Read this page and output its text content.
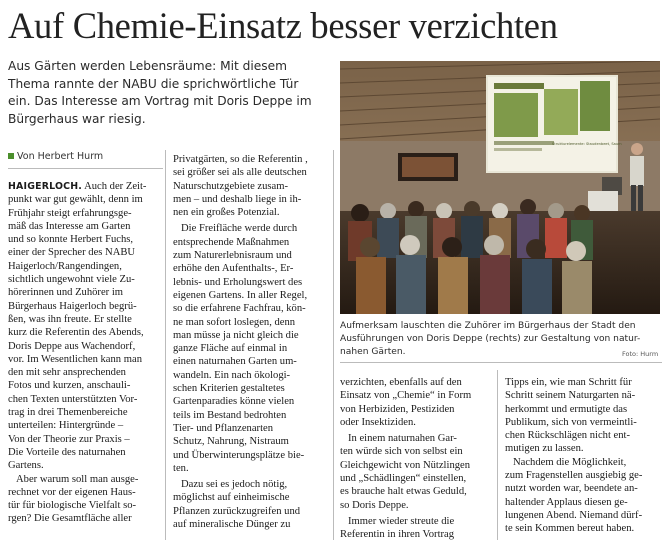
Auf Chemie-Einsatz besser verzichten
Aus Gärten werden Lebensräume: Mit diesem
Thema rannte der NABU die sprichwörtliche Tür
ein. Das Interesse am Vortrag mit Doris Deppe im
Bürgerhaus war riesig.
Von Herbert Hurm
HAIGERLOCH. Auch der Zeit-
punkt war gut gewählt, denn im
Frühjahr steigt erfahrungsge-
mäß das Interesse am Garten
und so konnte Herbert Fuchs,
einer der Sprecher des NABU
Haigerloch/Rangendingen,
sichtlich ungewohnt viele Zu-
hörerinnen und Zuhörer im
Bürgerhaus Haigerloch begrü-
ßen, was ihn freute. Er stellte
kurz die Referentin des Abends,
Doris Deppe aus Wachendorf,
vor. Im Wesentlichen kann man
den mit sehr ansprechenden
Fotos und kurzen, anschauli-
chen Texten unterstützten Vor-
trag in drei Themenbereiche
unterteilen: Hintergründe –
Von der Theorie zur Praxis –
Die Vorteile des naturnahen
Gartens.
Aber warum soll man ausge-
rechnet vor der eigenen Haus-
tür für biologische Vielfalt so-
rgen? Die Gesamtfläche aller
Privatgärten, so die Referentin ,
sei größer sei als alle deutschen
Naturschutzgebiete zusam-
men – und deshalb liege in ih-
nen ein großes Potenzial.
Die Freifläche werde durch
entsprechende Maßnahmen
zum Naturerlebnisraum und
erhöhe den Aufenthalts-, Er-
lebnis- und Erholungswert des
eigenen Gartens. In aller Regel,
so die erfahrene Fachfrau, kön-
ne man sofort loslegen, denn
man müsse ja nicht gleich die
ganze Fläche auf einmal in
einen naturnahen Garten um-
wandeln. Ein nach ökologi-
schen Kriterien gestaltetes
Gartenparadies könne vielen
teils im Bestand bedrohten
Tier- und Pflanzenarten
Schutz, Nahrung, Nistraum
und Überwinterungsplätze bie-
ten.
Dazu sei es jedoch nötig,
möglichst auf einheimische
Pflanzen zurückzugreifen und
auf mineralische Dünger zu
Strukturelemente: Staudenbeet, Saum
Aufmerksam lauschten die Zuhörer im Bürgerhaus der Stadt den
Ausführungen von Doris Deppe (rechts) zur Gestaltung von natur-
nahen Gärten.	Foto: Hurm
verzichten, ebenfalls auf den
Einsatz von „Chemie“ in Form
von Herbiziden, Pestiziden
oder Insektiziden.
In einem naturnahen Gar-
ten würde sich von selbst ein
Gleichgewicht von Nützlingen
und „Schädlingen“ einstellen,
es brauche halt etwas Geduld,
so Doris Deppe.
Immer wieder streute die
Referentin in ihren Vortrag
Tipps ein, wie man Schritt für
Schritt seinem Naturgarten nä-
herkommt und ermutigte das
Publikum, sich von vermeintli-
chen Rückschlägen nicht ent-
mutigen zu lassen.
Nachdem die Möglichkeit,
zum Fragenstellen ausgiebig ge-
nutzt worden war, beendete an-
haltender Applaus diesen ge-
lungenen Abend. Niemand dürf-
te sein Kommen bereut haben.
